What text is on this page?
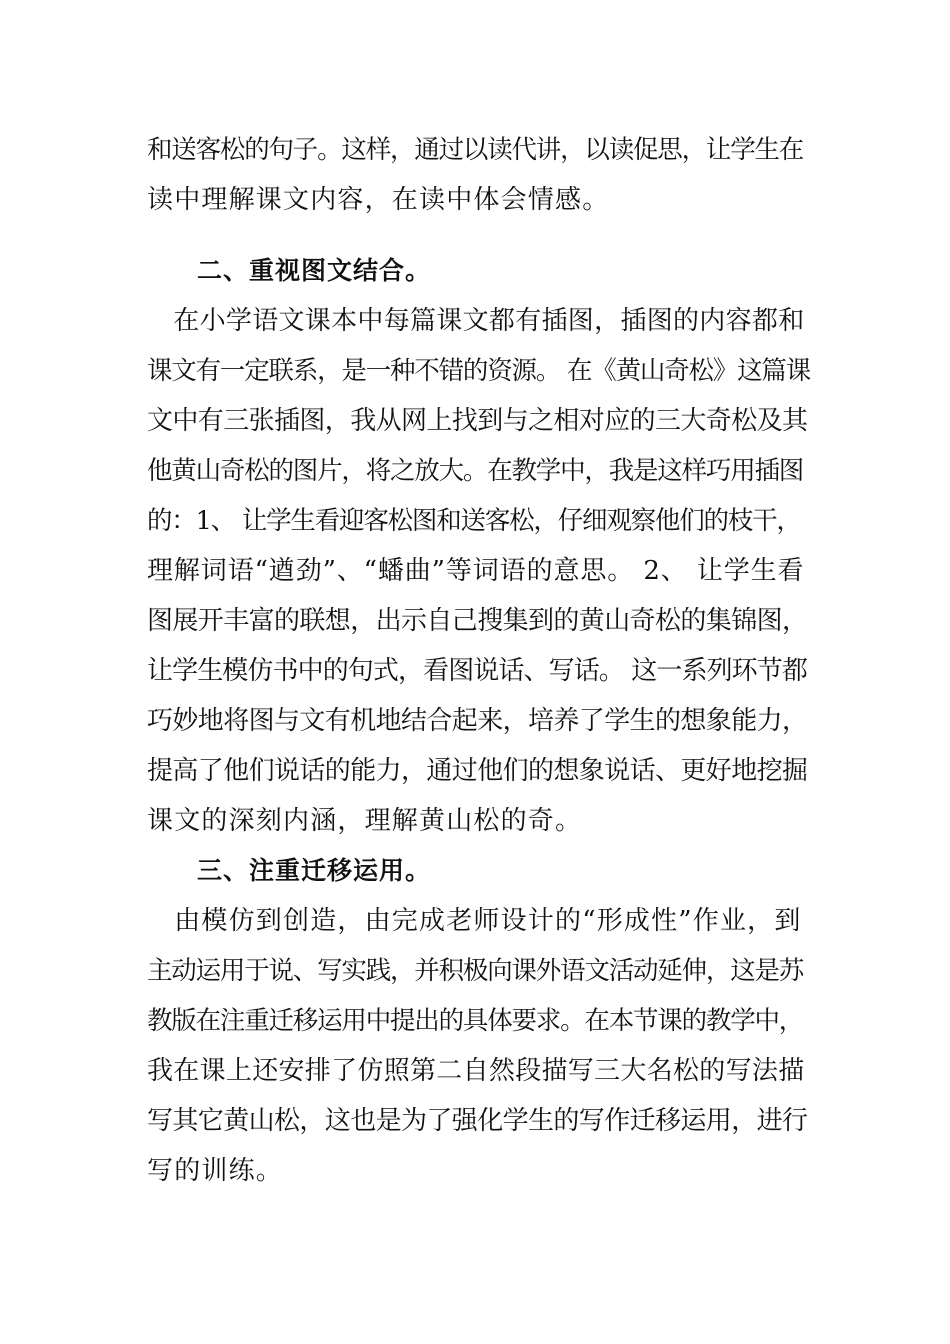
和送客松的句子。这样，通过以读代讲，以读促思，让学生在
读中理解课文内容，在读中体会情感。
二、重视图文结合。
　在小学语文课本中每篇课文都有插图，插图的内容都和
课文有一定联系，是一种不错的资源。 在《黄山奇松》这篇课
文中有三张插图，我从网上找到与之相对应的三大奇松及其
他黄山奇松的图片，将之放大。在教学中，我是这样巧用插图
的：1、 让学生看迎客松图和送客松，仔细观察他们的枝干，
理解词语“遒劲”、“蟠曲”等词语的意思。 2、 让学生看
图展开丰富的联想，出示自己搜集到的黄山奇松的集锦图，
让学生模仿书中的句式，看图说话、写话。 这一系列环节都
巧妙地将图与文有机地结合起来，培养了学生的想象能力，
提高了他们说话的能力，通过他们的想象说话、更好地挖掘
课文的深刻内涵，理解黄山松的奇。
三、注重迁移运用。
　由模仿到创造，由完成老师设计的“形成性”作业，到
主动运用于说、写实践，并积极向课外语文活动延伸，这是苏
教版在注重迁移运用中提出的具体要求。在本节课的教学中，
我在课上还安排了仿照第二自然段描写三大名松的写法描
写其它黄山松，这也是为了强化学生的写作迁移运用，进行
写的训练。
